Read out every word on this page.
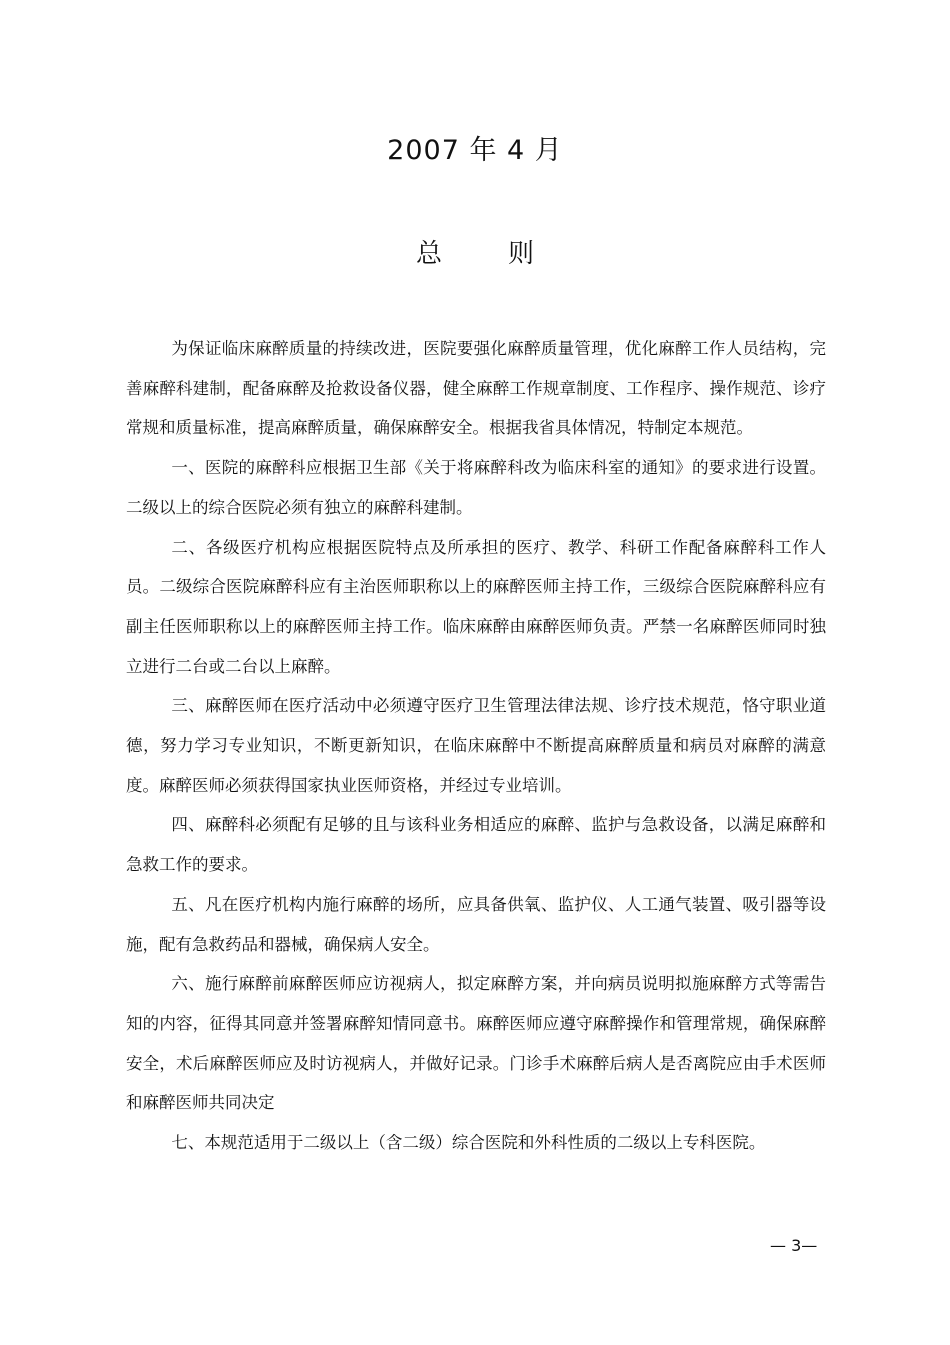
2007 年 4 月
总        则

为保证临床麻醉质量的持续改进，医院要强化麻醉质量管理，优化麻醉工作人员结构，完善麻醉科建制，配备麻醉及抢救设备仪器，健全麻醉工作规章制度、工作程序、操作规范、诊疗常规和质量标准，提高麻醉质量，确保麻醉安全。根据我省具体情况，特制定本规范。

一、医院的麻醉科应根据卫生部《关于将麻醉科改为临床科室的通知》的要求进行设置。二级以上的综合医院必须有独立的麻醉科建制。

二、各级医疗机构应根据医院特点及所承担的医疗、教学、科研工作配备麻醉科工作人员。二级综合医院麻醉科应有主治医师职称以上的麻醉医师主持工作，三级综合医院麻醉科应有副主任医师职称以上的麻醉医师主持工作。临床麻醉由麻醉医师负责。严禁一名麻醉医师同时独立进行二台或二台以上麻醉。

三、麻醉医师在医疗活动中必须遵守医疗卫生管理法律法规、诊疗技术规范，恪守职业道德，努力学习专业知识，不断更新知识，在临床麻醉中不断提高麻醉质量和病员对麻醉的满意度。麻醉医师必须获得国家执业医师资格，并经过专业培训。

四、麻醉科必须配有足够的且与该科业务相适应的麻醉、监护与急救设备，以满足麻醉和急救工作的要求。

五、凡在医疗机构内施行麻醉的场所，应具备供氧、监护仪、人工通气装置、吸引器等设施，配有急救药品和器械，确保病人安全。

六、施行麻醉前麻醉医师应访视病人，拟定麻醉方案，并向病员说明拟施麻醉方式等需告知的内容，征得其同意并签署麻醉知情同意书。麻醉医师应遵守麻醉操作和管理常规，确保麻醉安全，术后麻醉医师应及时访视病人，并做好记录。门诊手术麻醉后病人是否离院应由手术医师和麻醉医师共同决定

七、本规范适用于二级以上（含二级）综合医院和外科性质的二级以上专科医院。

— 3—
